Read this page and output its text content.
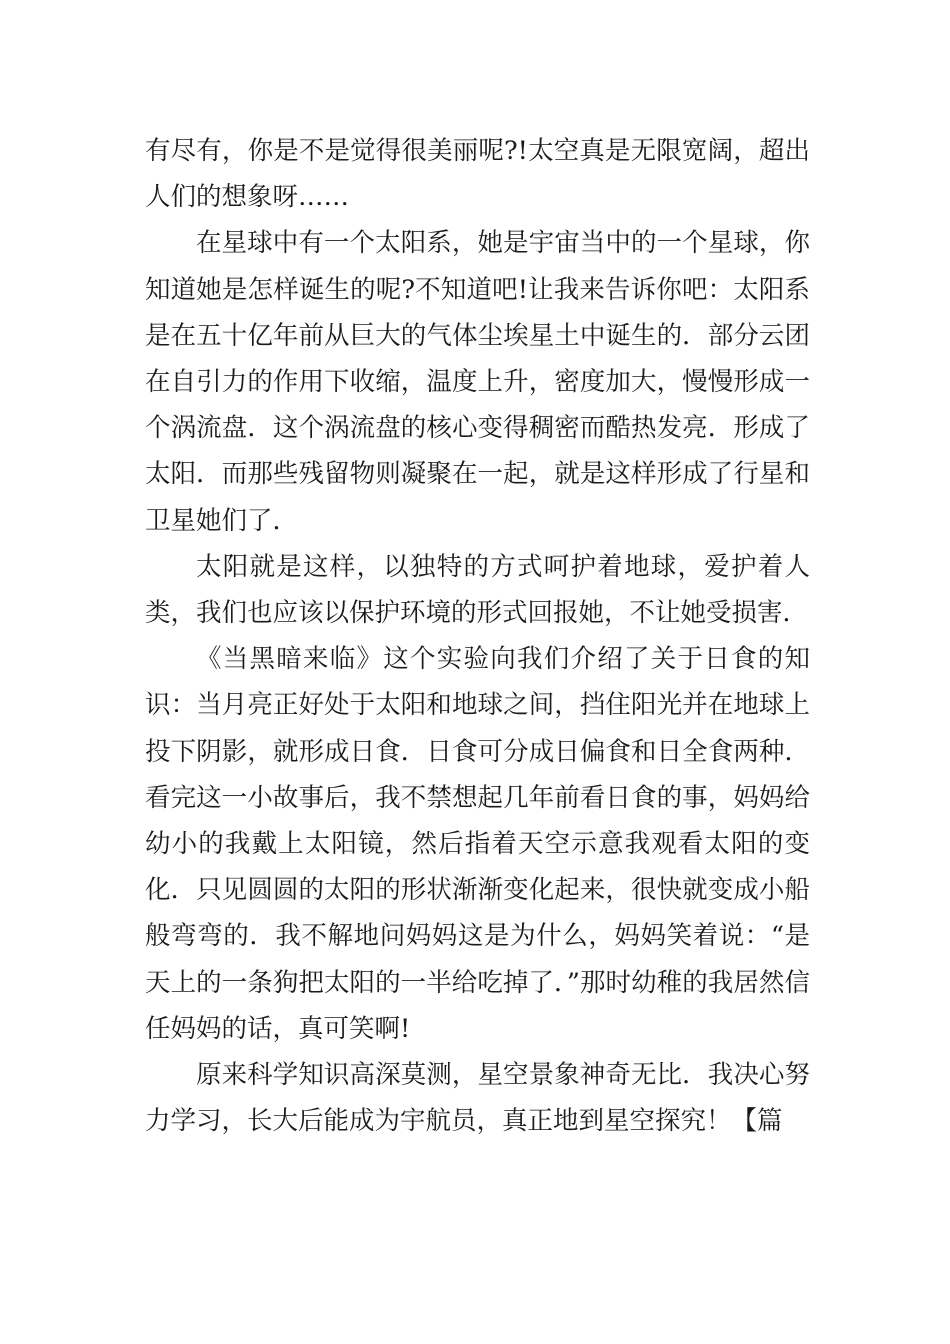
有尽有，你是不是觉得很美丽呢?!太空真是无限宽阔，超出人们的想象呀……

在星球中有一个太阳系，她是宇宙当中的一个星球，你知道她是怎样诞生的呢?不知道吧!让我来告诉你吧：太阳系是在五十亿年前从巨大的气体尘埃星土中诞生的．部分云团在自引力的作用下收缩，温度上升，密度加大，慢慢形成一个涡流盘．这个涡流盘的核心变得稠密而酷热发亮．形成了太阳．而那些残留物则凝聚在一起，就是这样形成了行星和卫星她们了．

太阳就是这样，以独特的方式呵护着地球，爱护着人类，我们也应该以保护环境的形式回报她，不让她受损害．

《当黑暗来临》这个实验向我们介绍了关于日食的知识：当月亮正好处于太阳和地球之间，挡住阳光并在地球上投下阴影，就形成日食．日食可分成日偏食和日全食两种．看完这一小故事后，我不禁想起几年前看日食的事，妈妈给幼小的我戴上太阳镜，然后指着天空示意我观看太阳的变化．只见圆圆的太阳的形状渐渐变化起来，很快就变成小船般弯弯的．我不解地问妈妈这是为什么，妈妈笑着说：“是天上的一条狗把太阳的一半给吃掉了．”那时幼稚的我居然信任妈妈的话，真可笑啊!

原来科学知识高深莫测，星空景象神奇无比．我决心努力学习，长大后能成为宇航员，真正地到星空探究！【篇
